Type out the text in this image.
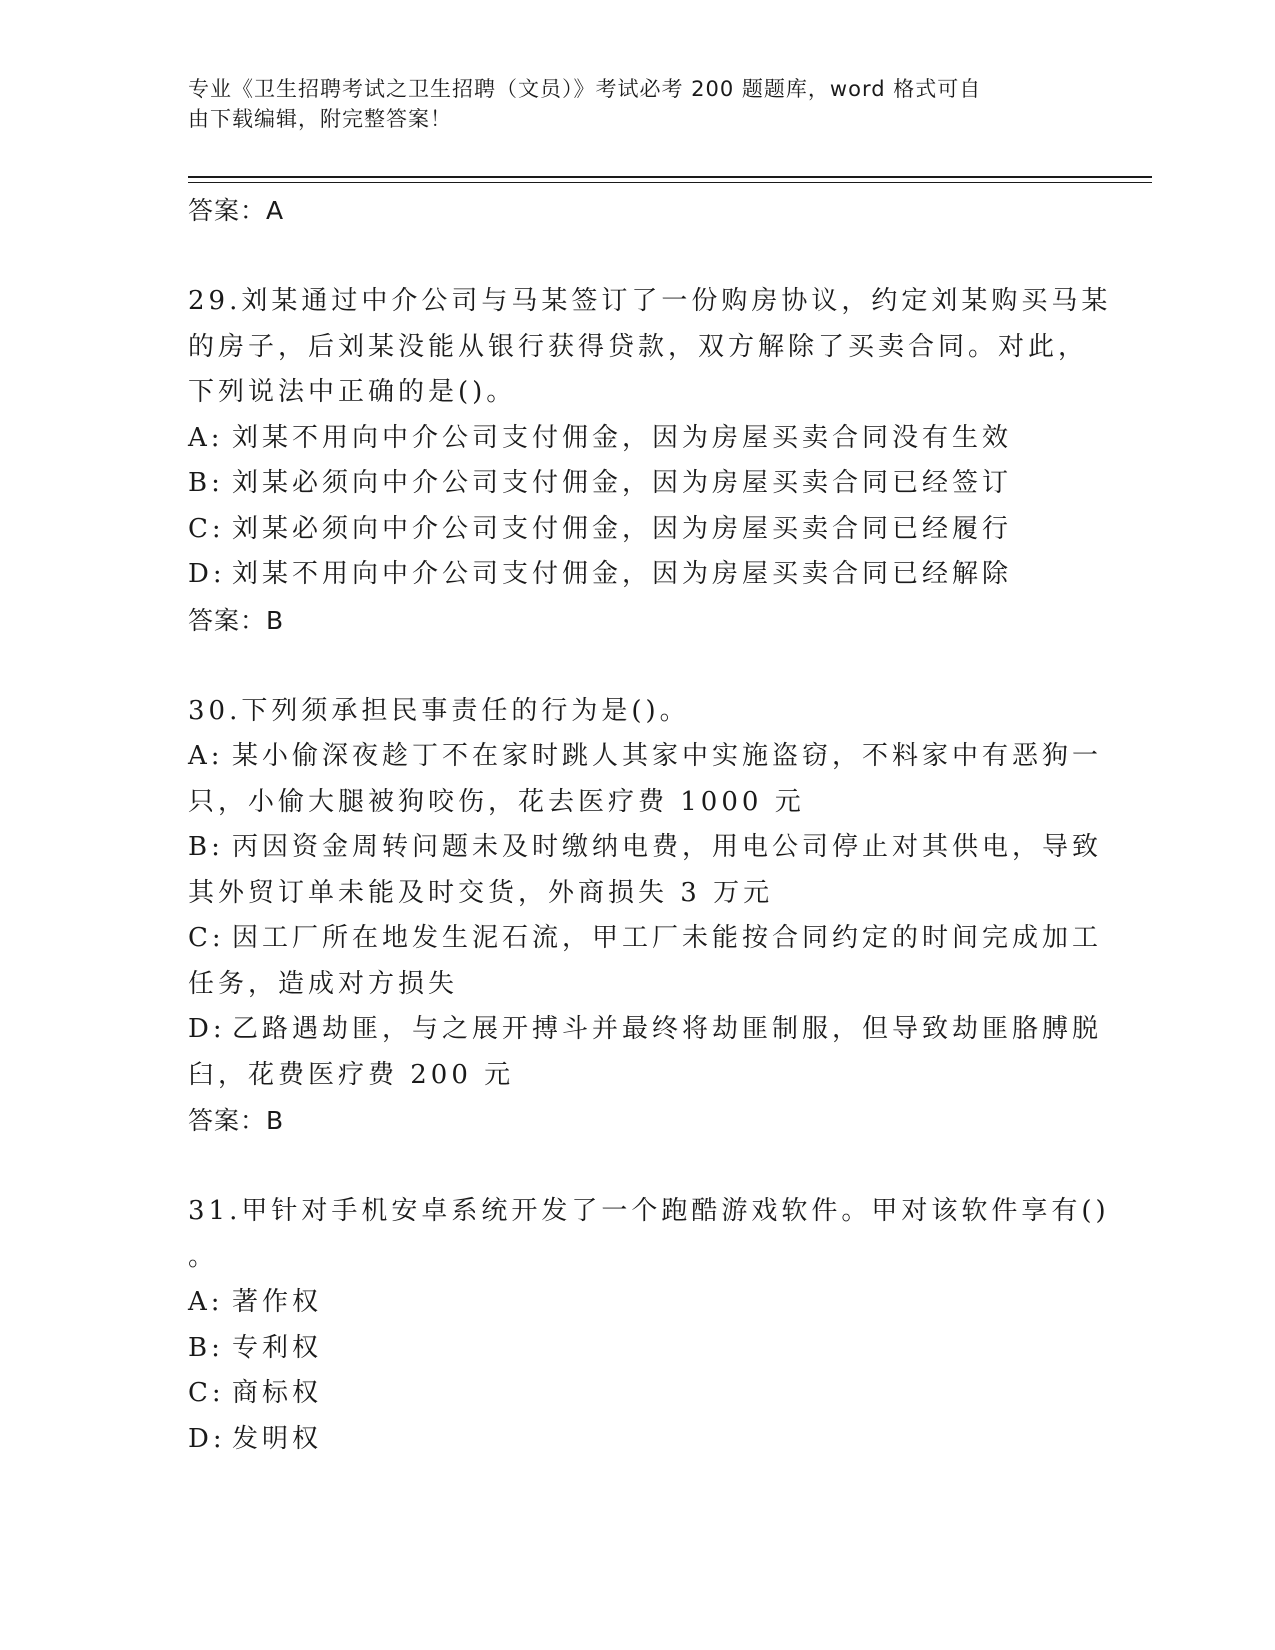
专业《卫生招聘考试之卫生招聘（文员）》考试必考 200 题题库，word 格式可自
由下载编辑，附完整答案！
答案：A
29.刘某通过中介公司与马某签订了一份购房协议，约定刘某购买马某
的房子，后刘某没能从银行获得贷款，双方解除了买卖合同。对此，
下列说法中正确的是()。
A: 刘某不用向中介公司支付佣金，因为房屋买卖合同没有生效
B: 刘某必须向中介公司支付佣金，因为房屋买卖合同已经签订
C: 刘某必须向中介公司支付佣金，因为房屋买卖合同已经履行
D: 刘某不用向中介公司支付佣金，因为房屋买卖合同已经解除
答案：B
30.下列须承担民事责任的行为是()。
A: 某小偷深夜趁丁不在家时跳人其家中实施盗窃，不料家中有恶狗一
只，小偷大腿被狗咬伤，花去医疗费 1000 元
B: 丙因资金周转问题未及时缴纳电费，用电公司停止对其供电，导致
其外贸订单未能及时交货，外商损失 3 万元
C: 因工厂所在地发生泥石流，甲工厂未能按合同约定的时间完成加工
任务，造成对方损失
D: 乙路遇劫匪，与之展开搏斗并最终将劫匪制服，但导致劫匪胳膊脱
臼，花费医疗费 200 元
答案：B
31.甲针对手机安卓系统开发了一个跑酷游戏软件。甲对该软件享有()
。
A: 著作权
B: 专利权
C: 商标权
D: 发明权
